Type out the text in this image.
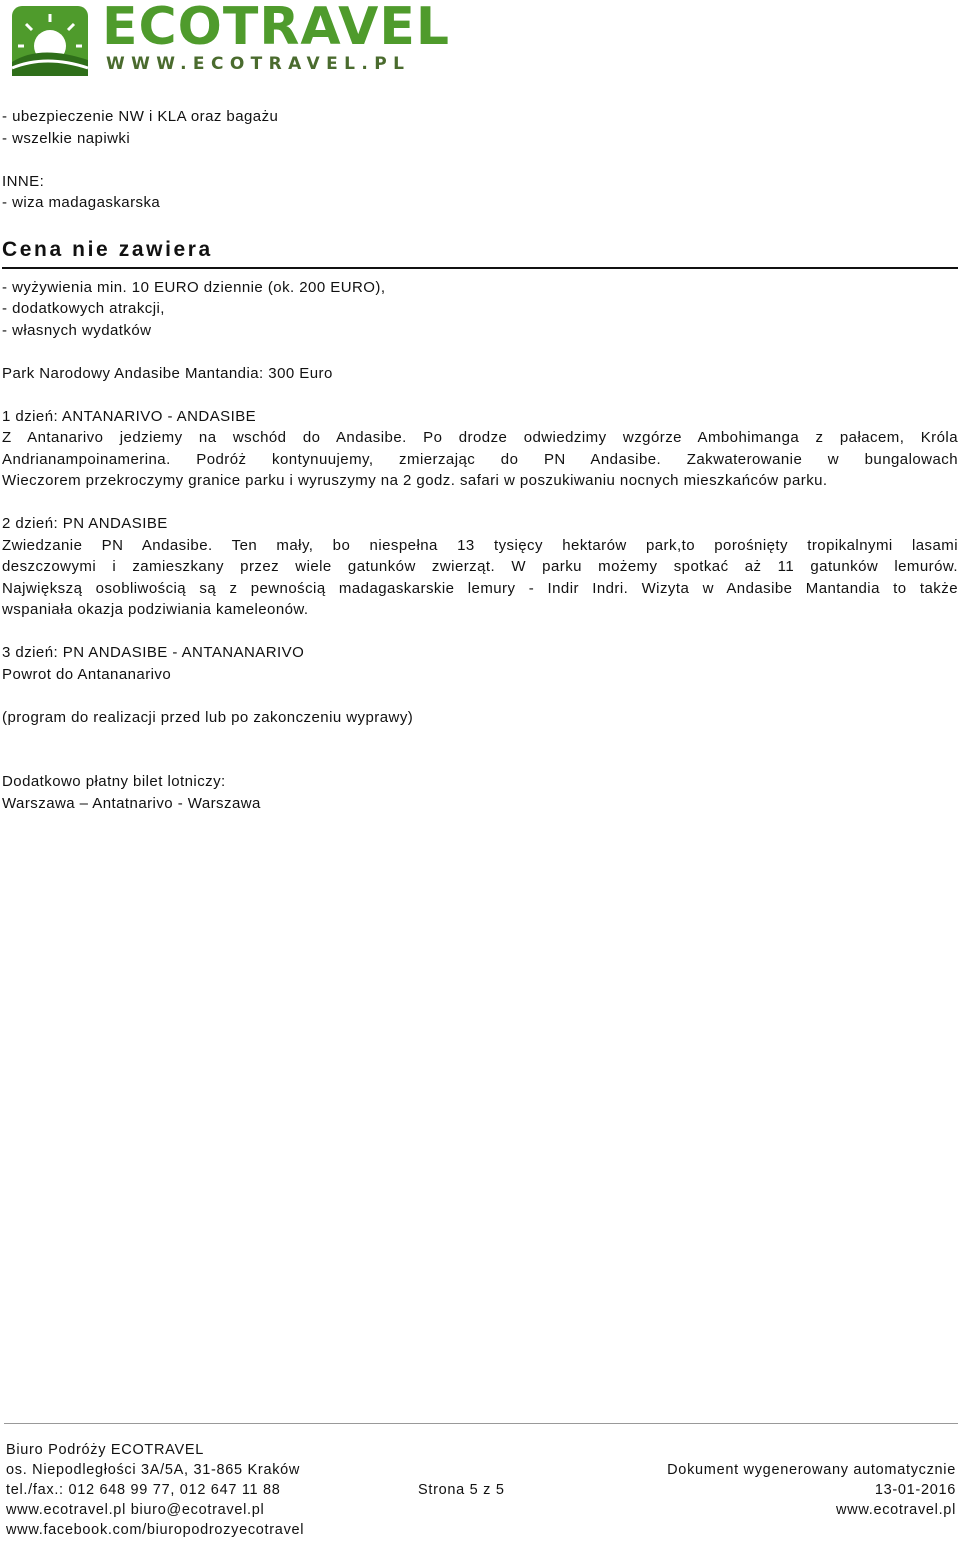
ECOTRAVEL
WWW.ECOTRAVEL.PL
- ubezpieczenie NW i KLA oraz bagażu
- wszelkie napiwki
INNE:
- wiza madagaskarska
Cena nie zawiera
- wyżywienia min. 10 EURO dziennie (ok. 200 EURO),
- dodatkowych atrakcji,
- własnych wydatków
Park Narodowy Andasibe Mantandia: 300 Euro
1 dzień: ANTANARIVO - ANDASIBE
Z Antanarivo jedziemy na wschód do Andasibe. Po drodze odwiedzimy wzgórze Ambohimanga z pałacem, Króla
Andrianampoinamerina. Podróż kontynuujemy, zmierzając do PN Andasibe. Zakwaterowanie w bungalowach
Wieczorem przekroczymy granice parku i wyruszymy na 2 godz. safari w poszukiwaniu nocnych mieszkańców parku.
2 dzień: PN ANDASIBE
Zwiedzanie PN Andasibe. Ten mały, bo niespełna 13 tysięcy hektarów park,to porośnięty tropikalnymi lasami
deszczowymi i zamieszkany przez wiele gatunków zwierząt. W parku możemy spotkać aż 11 gatunków lemurów.
Największą osobliwością są z pewnością madagaskarskie lemury - Indir Indri. Wizyta w Andasibe Mantandia to także
wspaniała okazja podziwiania kameleonów.
3 dzień: PN ANDASIBE - ANTANANARIVO
Powrot do Antananarivo
(program do realizacji przed lub po zakonczeniu wyprawy)
Dodatkowo płatny bilet lotniczy:
Warszawa – Antatnarivo - Warszawa
Biuro Podróży ECOTRAVEL
os. Niepodległości 3A/5A, 31-865 Kraków
tel./fax.: 012 648 99 77, 012 647 11 88
www.ecotravel.pl biuro@ecotravel.pl
www.facebook.com/biuropodrozyecotravel
Strona 5 z 5
Dokument wygenerowany automatycznie
13-01-2016
www.ecotravel.pl
